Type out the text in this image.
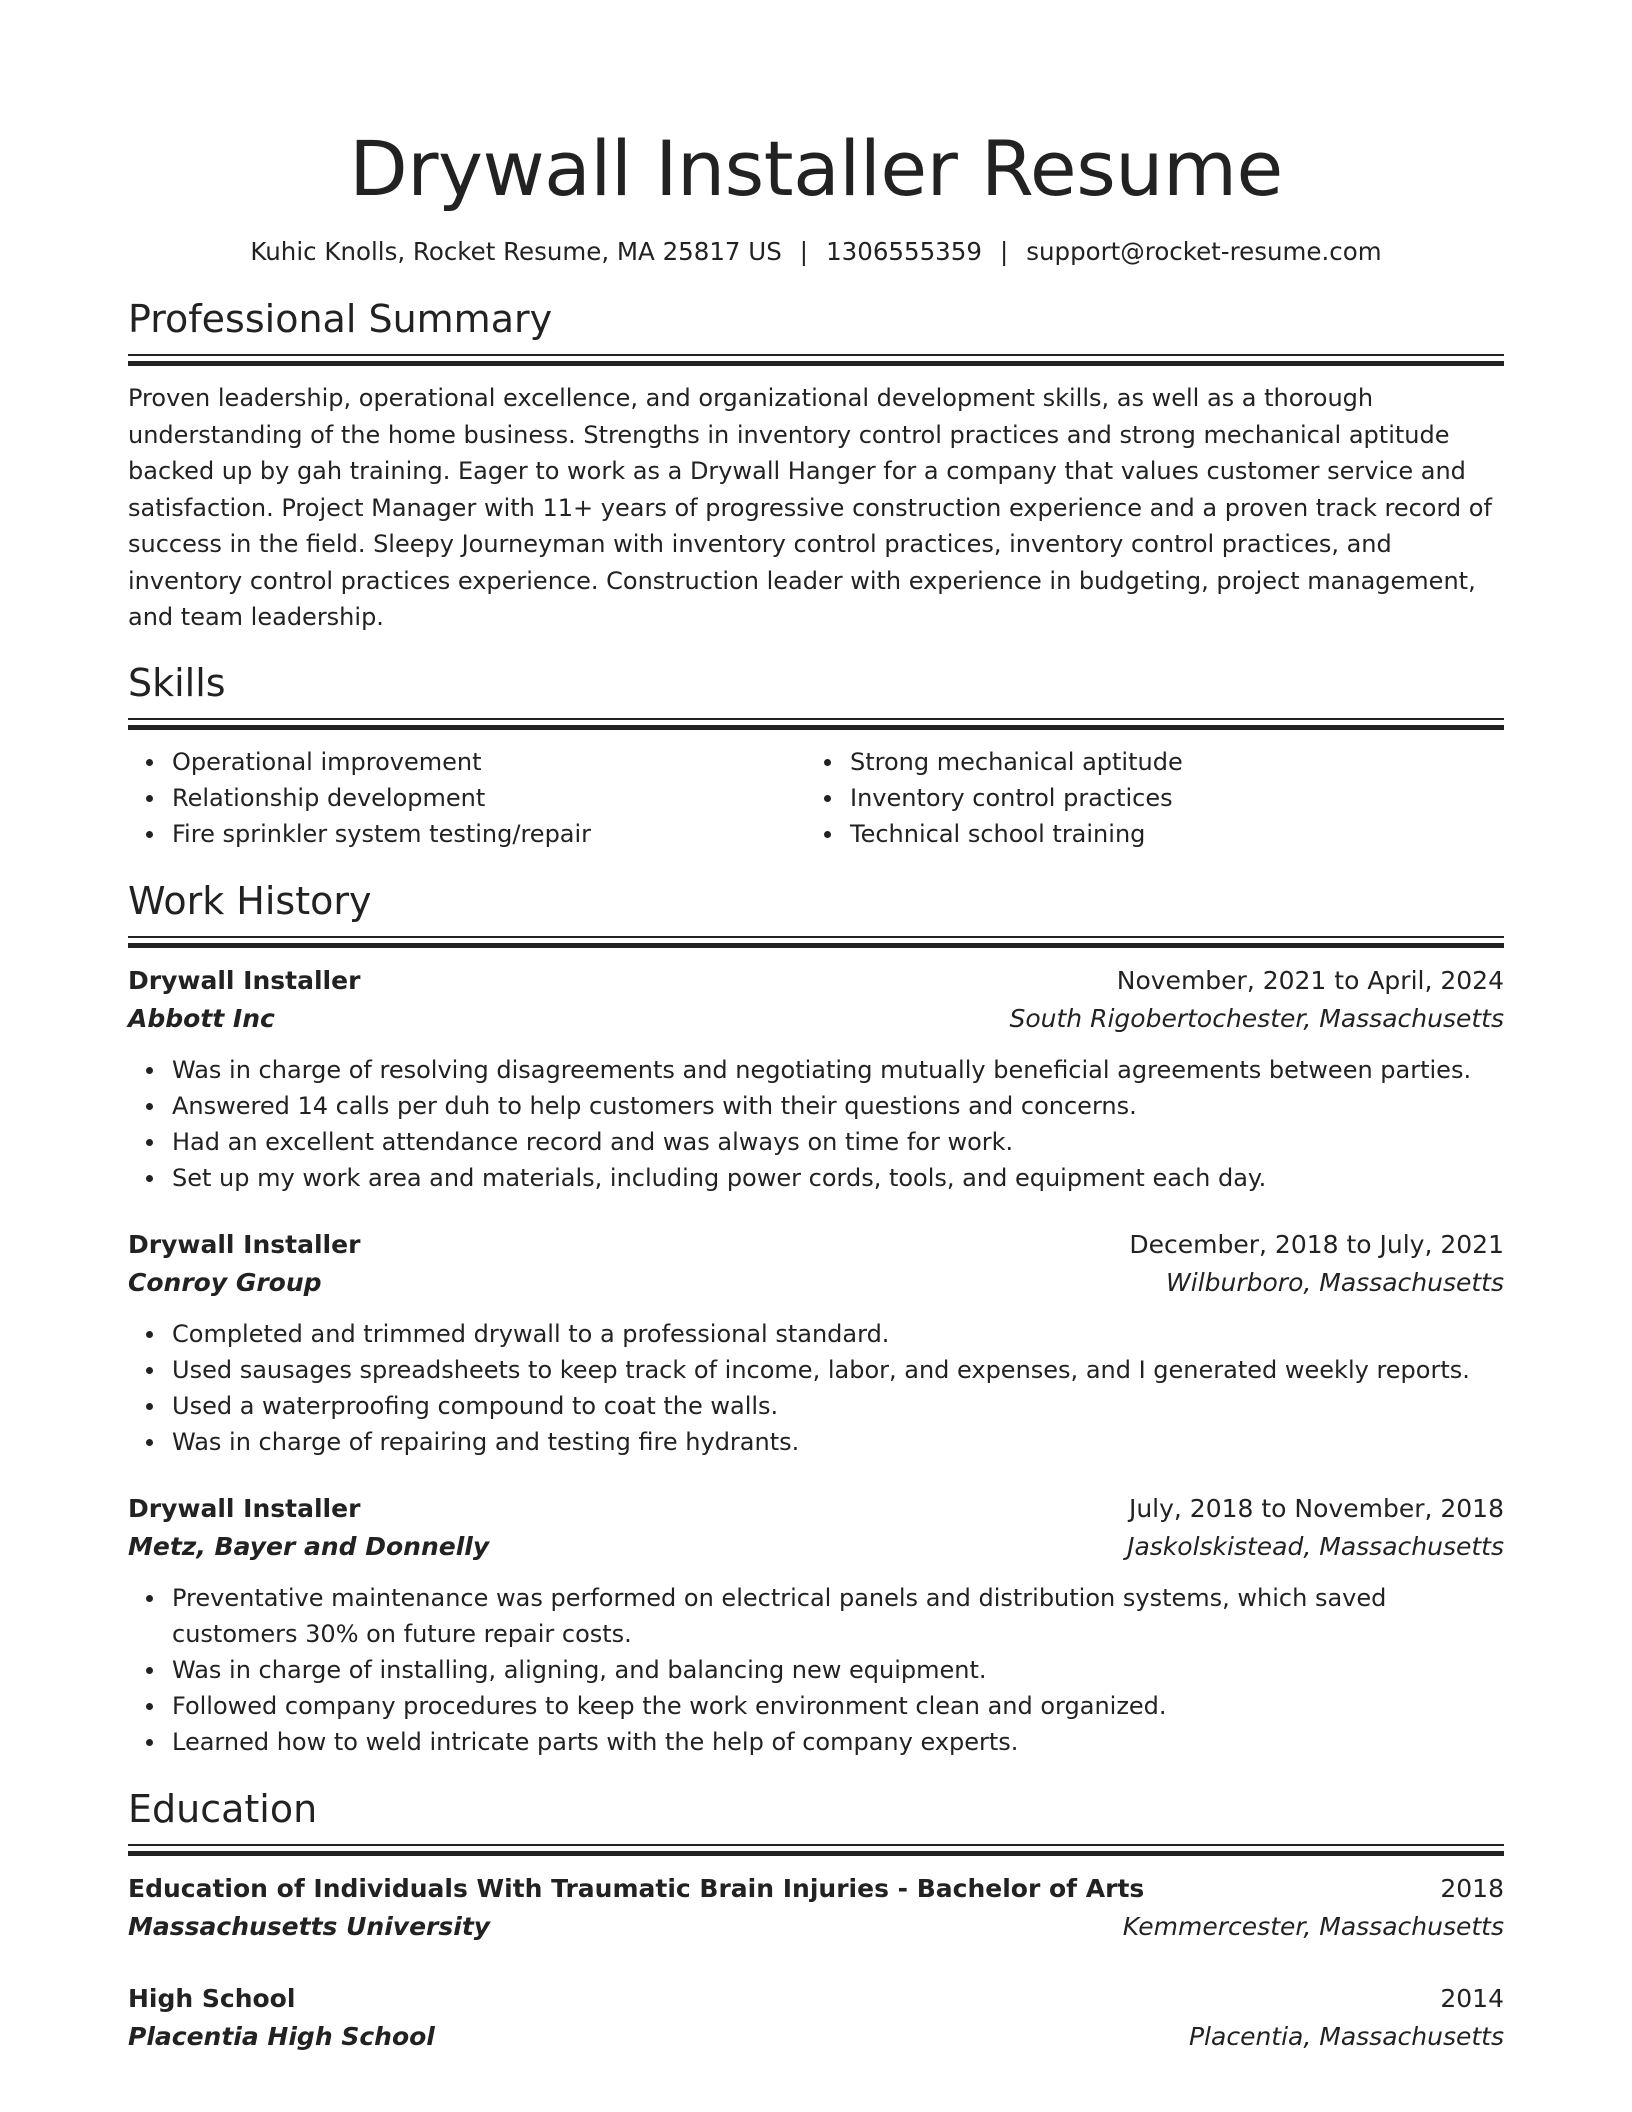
Drywall Installer Resume
Kuhic Knolls, Rocket Resume, MA 25817 US | 1306555359 | support@rocket-resume.com
Professional Summary
Proven leadership, operational excellence, and organizational development skills, as well as a thorough understanding of the home business. Strengths in inventory control practices and strong mechanical aptitude backed up by gah training. Eager to work as a Drywall Hanger for a company that values customer service and satisfaction. Project Manager with 11+ years of progressive construction experience and a proven track record of success in the field. Sleepy Journeyman with inventory control practices, inventory control practices, and inventory control practices experience. Construction leader with experience in budgeting, project management, and team leadership.
Skills
Operational improvement
Relationship development
Fire sprinkler system testing/repair
Strong mechanical aptitude
Inventory control practices
Technical school training
Work History
Drywall Installer	November, 2021 to April, 2024
Abbott Inc	South Rigobertochester, Massachusetts
Was in charge of resolving disagreements and negotiating mutually beneficial agreements between parties.
Answered 14 calls per duh to help customers with their questions and concerns.
Had an excellent attendance record and was always on time for work.
Set up my work area and materials, including power cords, tools, and equipment each day.
Drywall Installer	December, 2018 to July, 2021
Conroy Group	Wilburboro, Massachusetts
Completed and trimmed drywall to a professional standard.
Used sausages spreadsheets to keep track of income, labor, and expenses, and I generated weekly reports.
Used a waterproofing compound to coat the walls.
Was in charge of repairing and testing fire hydrants.
Drywall Installer	July, 2018 to November, 2018
Metz, Bayer and Donnelly	Jaskolskistead, Massachusetts
Preventative maintenance was performed on electrical panels and distribution systems, which saved customers 30% on future repair costs.
Was in charge of installing, aligning, and balancing new equipment.
Followed company procedures to keep the work environment clean and organized.
Learned how to weld intricate parts with the help of company experts.
Education
Education of Individuals With Traumatic Brain Injuries - Bachelor of Arts	2018
Massachusetts University	Kemmercester, Massachusetts
High School	2014
Placentia High School	Placentia, Massachusetts
